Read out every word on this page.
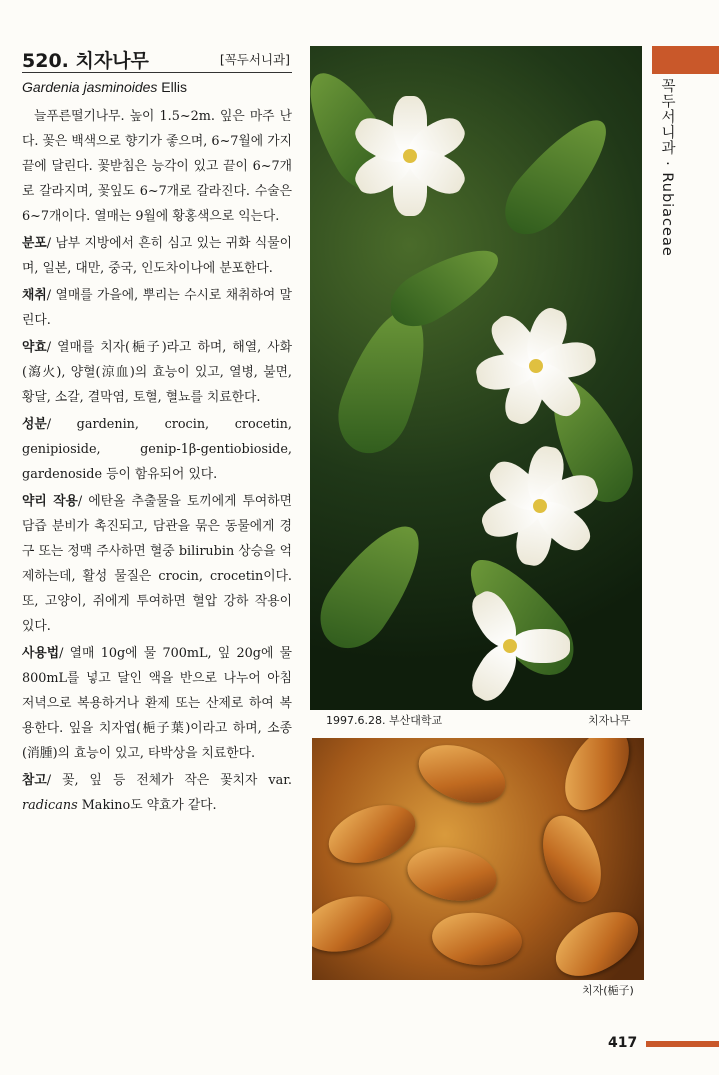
520. 치자나무	[꼭두서니과]
Gardenia jasminoides Ellis

늘푸른떨기나무. 높이 1.5~2m. 잎은 마주 난다. 꽃은 백색으로 향기가 좋으며, 6~7월에 가지 끝에 달린다. 꽃받침은 능각이 있고 끝이 6~7개로 갈라지며, 꽃잎도 6~7개로 갈라진다. 수술은 6~7개이다. 열매는 9월에 황홍색으로 익는다.

분포/ 남부 지방에서 흔히 심고 있는 귀화 식물이며, 일본, 대만, 중국, 인도차이나에 분포한다.

채취/ 열매를 가을에, 뿌리는 수시로 채취하여 말린다.

약효/ 열매를 치자(梔子)라고 하며, 해열, 사화(瀉火), 양혈(涼血)의 효능이 있고, 열병, 불면, 황달, 소갈, 결막염, 토혈, 혈뇨를 치료한다.

성분/ gardenin, crocin, crocetin, genipioside, genip-1β-gentiobioside, gardenoside 등이 함유되어 있다.

약리 작용/ 에탄올 추출물을 토끼에게 투여하면 담즙 분비가 촉진되고, 담관을 묶은 동물에게 경구 또는 정맥 주사하면 혈중 bilirubin 상승을 억제하는데, 활성 물질은 crocin, crocetin이다. 또, 고양이, 쥐에게 투여하면 혈압 강하 작용이 있다.

사용법/ 열매 10g에 물 700mL, 잎 20g에 물 800mL를 넣고 달인 액을 반으로 나누어 아침 저녁으로 복용하거나 환제 또는 산제로 하여 복용한다. 잎을 치자엽(梔子葉)이라고 하며, 소종(消腫)의 효능이 있고, 타박상을 치료한다.

참고/ 꽃, 잎 등 전체가 작은 꽃치자 var. radicans Makino도 약효가 같다.

1997.6.28. 부산대학교	치자나무
치자(梔子)
꼭두서니과 · Rubiaceae
417
